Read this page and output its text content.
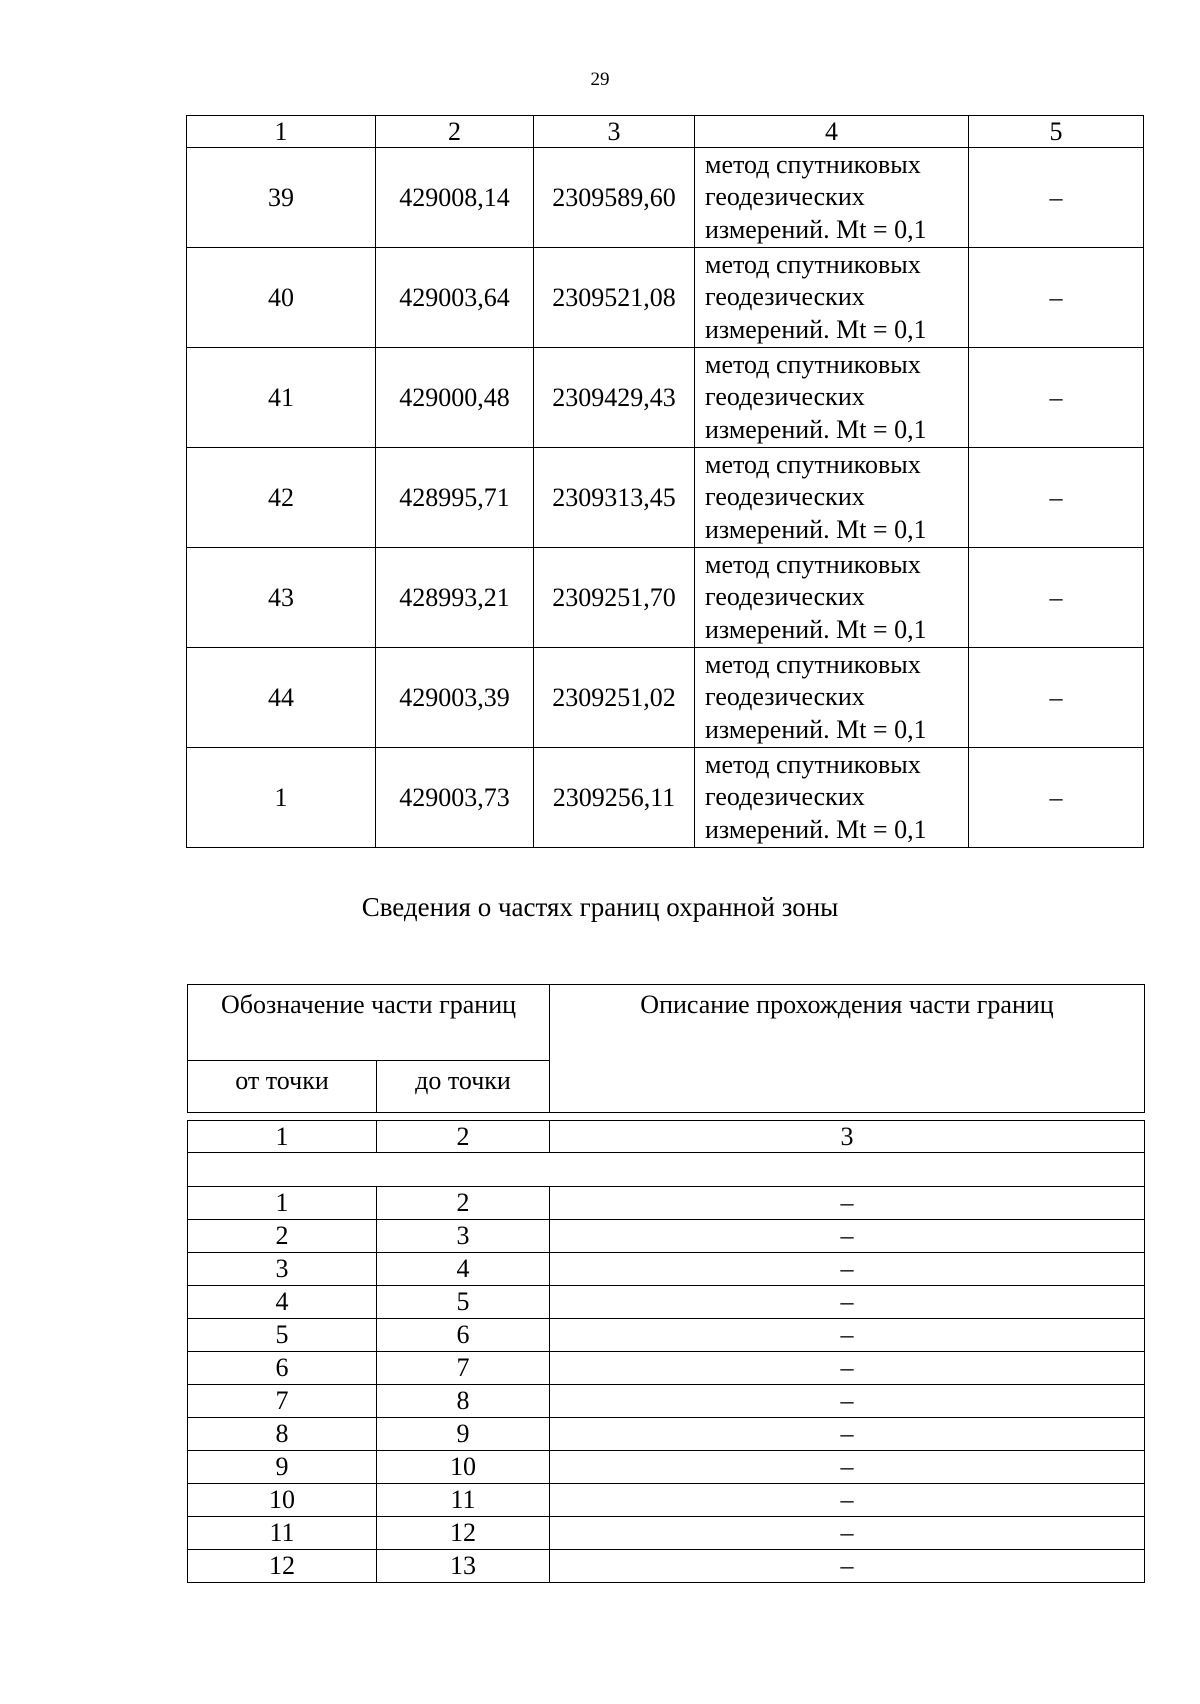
29
1	2	3	4	5
39	429008,14	2309589,60	метод спутниковых
геодезических
измерений. Mt = 0,1	–
40	429003,64	2309521,08	метод спутниковых
геодезических
измерений. Mt = 0,1	–
41	429000,48	2309429,43	метод спутниковых
геодезических
измерений. Mt = 0,1	–
42	428995,71	2309313,45	метод спутниковых
геодезических
измерений. Mt = 0,1	–
43	428993,21	2309251,70	метод спутниковых
геодезических
измерений. Mt = 0,1	–
44	429003,39	2309251,02	метод спутниковых
геодезических
измерений. Mt = 0,1	–
1	429003,73	2309256,11	метод спутниковых
геодезических
измерений. Mt = 0,1	–
Сведения о частях границ охранной зоны
Обозначение части границ		Описание прохождения части границ
от точки	до точки	

1	2	3

1	2	–
2	3	–
3	4	–
4	5	–
5	6	–
6	7	–
7	8	–
8	9	–
9	10	–
10	11	–
11	12	–
12	13	–
